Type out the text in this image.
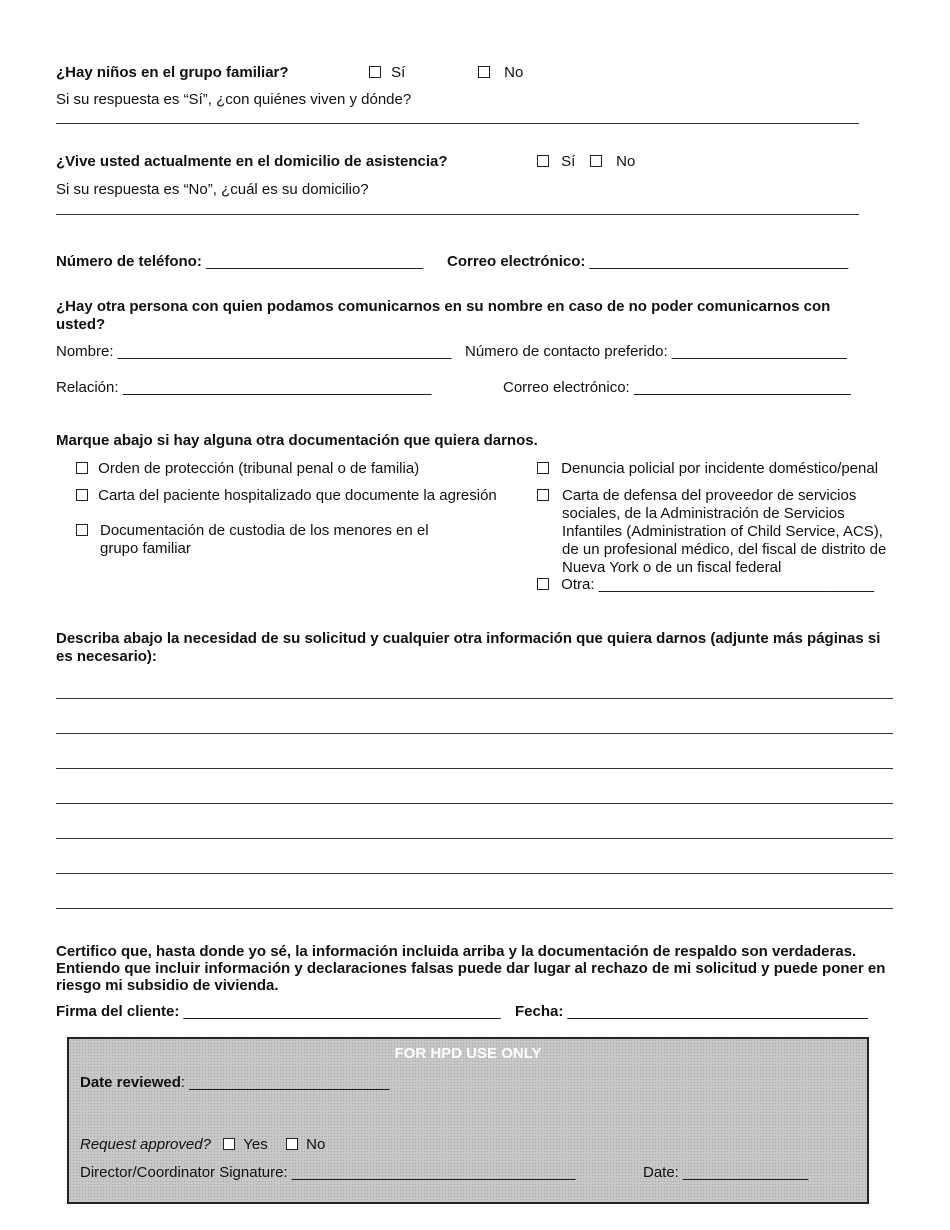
¿Hay niños en el grupo familiar?	Sí	No
Si su respuesta es “Sí”, ¿con quiénes viven y dónde?
¿Vive usted actualmente en el domicilio de asistencia?	Sí	No
Si su respuesta es “No”, ¿cuál es su domicilio?
Número de teléfono: __________________________ Correo electrónico: _______________________________
¿Hay otra persona con quien podamos comunicarnos en su nombre en caso de no poder comunicarnos con usted?
Nombre: ________________________________________ Número de contacto preferido: _____________________
Relación: _____________________________________	Correo electrónico: __________________________
Marque abajo si hay alguna otra documentación que quiera darnos.
Orden de protección (tribunal penal o de familia)
Carta del paciente hospitalizado que documente la agresión
Documentación de custodia de los menores en el grupo familiar
Denuncia policial por incidente doméstico/penal
Carta de defensa del proveedor de servicios sociales, de la Administración de Servicios Infantiles (Administration of Child Service, ACS), de un profesional médico, del fiscal de distrito de Nueva York o de un fiscal federal
Otra: _________________________________
Describa abajo la necesidad de su solicitud y cualquier otra información que quiera darnos (adjunte más páginas si es necesario):
Certifico que, hasta donde yo sé, la información incluida arriba y la documentación de respaldo son verdaderas. Entiendo que incluir información y declaraciones falsas puede dar lugar al rechazo de mi solicitud y puede poner en riesgo mi subsidio de vivienda.
Firma del cliente: ______________________________________ Fecha: ____________________________________
FOR HPD USE ONLY
Date reviewed: ________________________
Request approved? Yes	No
Director/Coordinator Signature: __________________________________	Date: _______________
